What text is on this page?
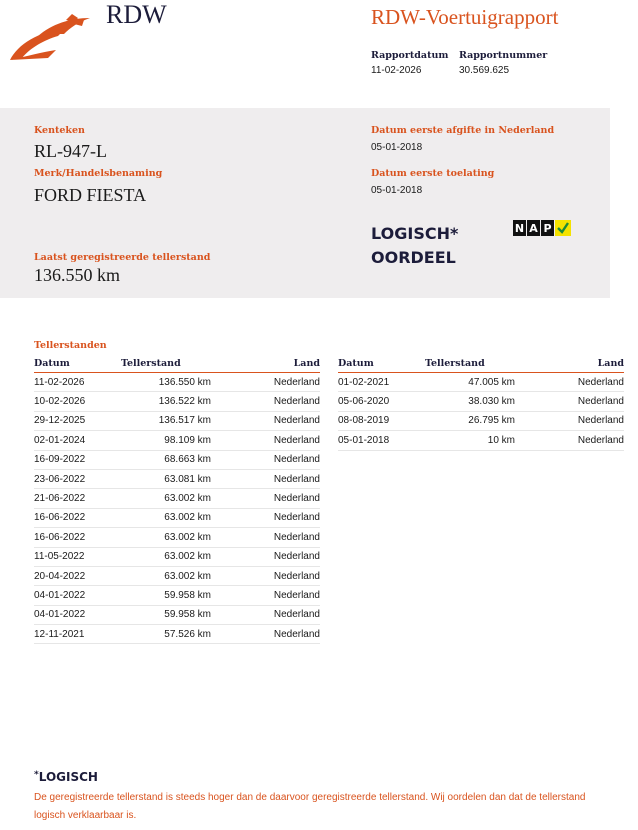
RDW	RDW-Voertuigrapport
Rapportdatum
11-02-2026
Rapportnummer
30.569.625
Kenteken
RL-947-L
Merk/Handelsbenaming
FORD FIESTA
Laatst geregistreerde tellerstand
136.550 km
Datum eerste afgifte in Nederland
05-01-2018
Datum eerste toelating
05-01-2018
LOGISCH*
OORDEEL
N A P
Tellerstanden
Datum	Tellerstand	Land
11-02-2026	136.550 km	Nederland
10-02-2026	136.522 km	Nederland
29-12-2025	136.517 km	Nederland
02-01-2024	98.109 km	Nederland
16-09-2022	68.663 km	Nederland
23-06-2022	63.081 km	Nederland
21-06-2022	63.002 km	Nederland
16-06-2022	63.002 km	Nederland
16-06-2022	63.002 km	Nederland
11-05-2022	63.002 km	Nederland
20-04-2022	63.002 km	Nederland
04-01-2022	59.958 km	Nederland
04-01-2022	59.958 km	Nederland
12-11-2021	57.526 km	Nederland
Datum	Tellerstand	Land
01-02-2021	47.005 km	Nederland
05-06-2020	38.030 km	Nederland
08-08-2019	26.795 km	Nederland
05-01-2018	10 km	Nederland
*LOGISCH
De geregistreerde tellerstand is steeds hoger dan de daarvoor geregistreerde tellerstand. Wij oordelen dan dat de tellerstand logisch verklaarbaar is.
